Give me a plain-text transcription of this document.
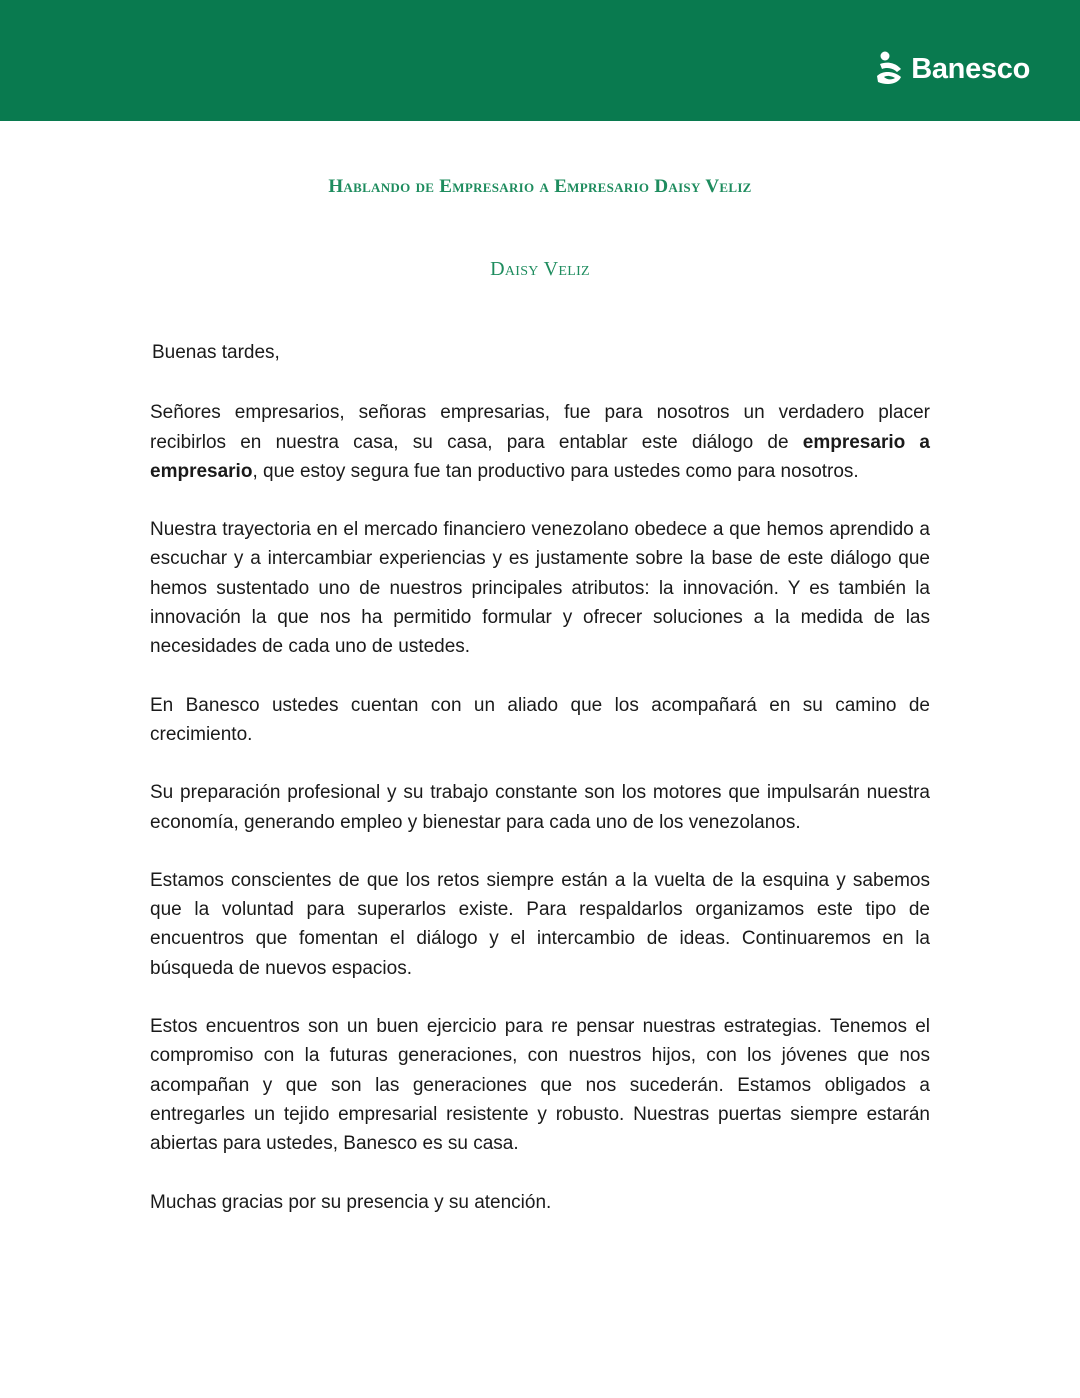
Banesco
Hablando de Empresario a Empresario Daisy Veliz
Daisy Veliz

Buenas tardes,

Señores empresarios, señoras empresarias, fue para nosotros un verdadero placer recibirlos en nuestra casa, su casa, para entablar este diálogo de empresario a empresario, que estoy segura fue tan productivo para ustedes como para nosotros.

Nuestra trayectoria en el mercado financiero venezolano obedece a que hemos aprendido a escuchar y a intercambiar experiencias y es justamente sobre la base de este diálogo que hemos sustentado uno de nuestros principales atributos: la innovación. Y es también la innovación la que nos ha permitido formular y ofrecer soluciones a la medida de las necesidades de cada uno de ustedes.

En Banesco ustedes cuentan con un aliado que los acompañará en su camino de crecimiento.

Su preparación profesional y su trabajo constante son los motores que impulsarán nuestra economía, generando empleo y bienestar para cada uno de los venezolanos.

Estamos conscientes de que los retos siempre están a la vuelta de la esquina y sabemos que la voluntad para superarlos existe. Para respaldarlos organizamos este tipo de encuentros que fomentan el diálogo y el intercambio de ideas. Continuaremos en la búsqueda de nuevos espacios.

Estos encuentros son un buen ejercicio para re pensar nuestras estrategias. Tenemos el compromiso con la futuras generaciones, con nuestros hijos, con los jóvenes que nos acompañan y que son las generaciones que nos sucederán. Estamos obligados a entregarles un tejido empresarial resistente y robusto. Nuestras puertas siempre estarán abiertas para ustedes, Banesco es su casa.

Muchas gracias por su presencia y su atención.
